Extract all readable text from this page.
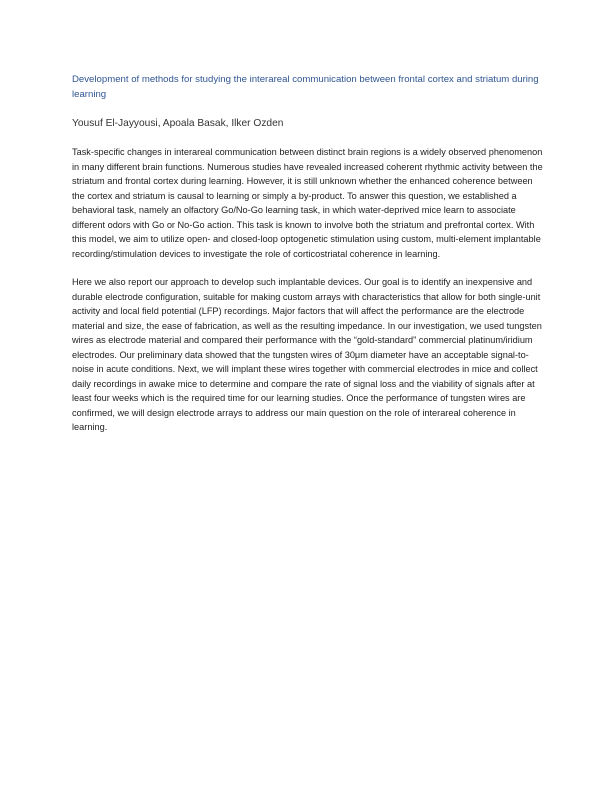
Development of methods for studying the interareal communication between frontal cortex and striatum during learning

Yousuf El-Jayyousi, Apoala Basak, Ilker Ozden

Task-specific changes in interareal communication between distinct brain regions is a widely observed phenomenon in many different brain functions. Numerous studies have revealed increased coherent rhythmic activity between the striatum and frontal cortex during learning. However, it is still unknown whether the enhanced coherence between the cortex and striatum is causal to learning or simply a by-product. To answer this question, we established a behavioral task, namely an olfactory Go/No-Go learning task, in which water-deprived mice learn to associate different odors with Go or No-Go action. This task is known to involve both the striatum and prefrontal cortex. With this model, we aim to utilize open- and closed-loop optogenetic stimulation using custom, multi-element implantable recording/stimulation devices to investigate the role of corticostriatal coherence in learning.

Here we also report our approach to develop such implantable devices. Our goal is to identify an inexpensive and durable electrode configuration, suitable for making custom arrays with characteristics that allow for both single-unit activity and local field potential (LFP) recordings. Major factors that will affect the performance are the electrode material and size, the ease of fabrication, as well as the resulting impedance. In our investigation, we used tungsten wires as electrode material and compared their performance with the “gold-standard” commercial platinum/iridium electrodes. Our preliminary data showed that the tungsten wires of 30μm diameter have an acceptable signal-to-noise in acute conditions. Next, we will implant these wires together with commercial electrodes in mice and collect daily recordings in awake mice to determine and compare the rate of signal loss and the viability of signals after at least four weeks which is the required time for our learning studies. Once the performance of tungsten wires are confirmed, we will design electrode arrays to address our main question on the role of interareal coherence in learning.
